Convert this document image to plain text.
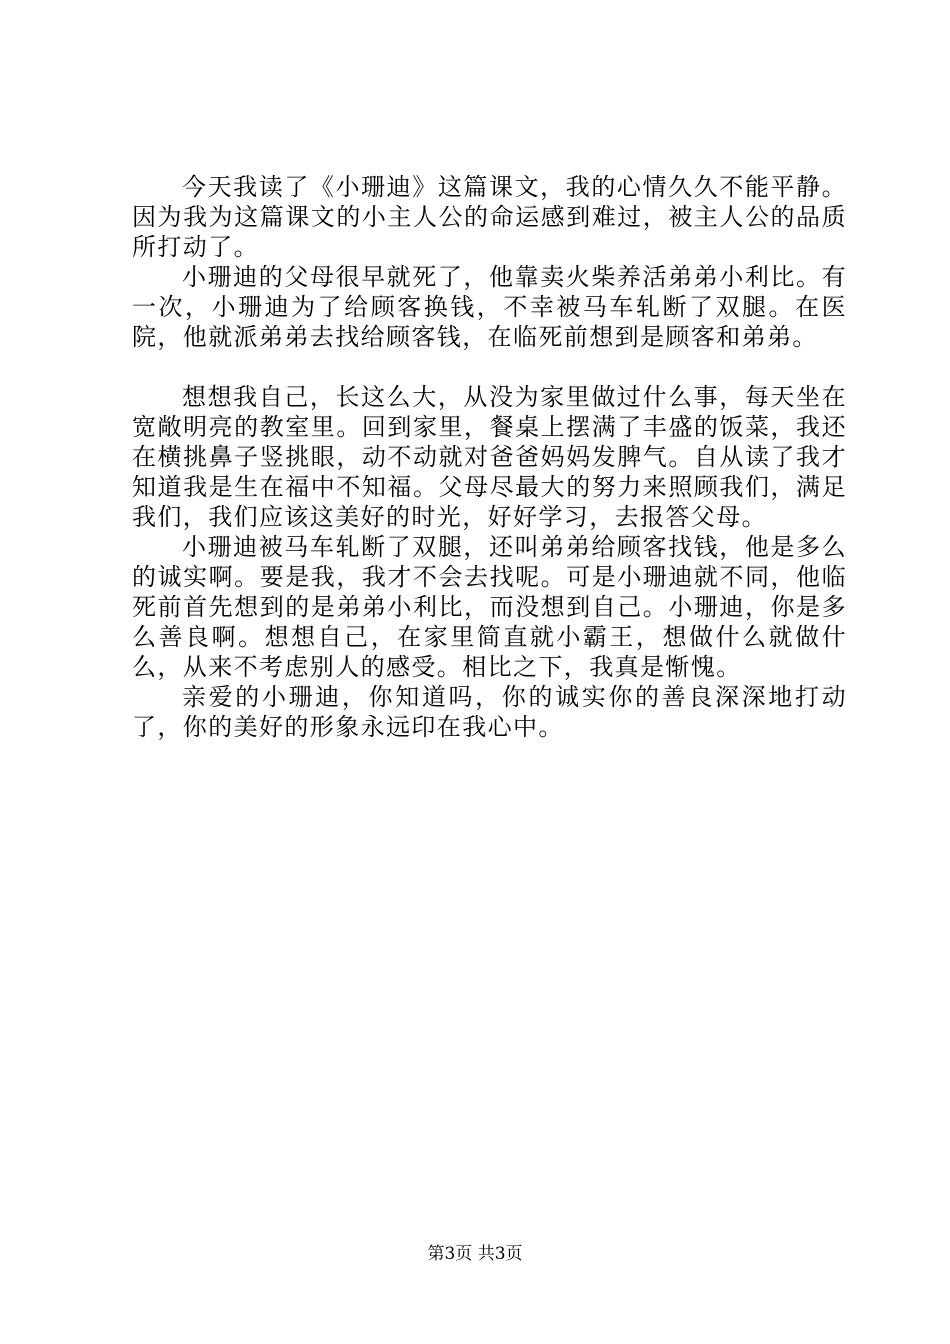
今天我读了《小珊迪》这篇课文，我的心情久久不能平静。因为我为这篇课文的小主人公的命运感到难过，被主人公的品质所打动了。

小珊迪的父母很早就死了，他靠卖火柴养活弟弟小利比。有一次，小珊迪为了给顾客换钱，不幸被马车轧断了双腿。在医院，他就派弟弟去找给顾客钱，在临死前想到是顾客和弟弟。

想想我自己，长这么大，从没为家里做过什么事，每天坐在宽敞明亮的教室里。回到家里，餐桌上摆满了丰盛的饭菜，我还在横挑鼻子竖挑眼，动不动就对爸爸妈妈发脾气。自从读了我才知道我是生在福中不知福。父母尽最大的努力来照顾我们，满足我们，我们应该这美好的时光，好好学习，去报答父母。

小珊迪被马车轧断了双腿，还叫弟弟给顾客找钱，他是多么的诚实啊。要是我，我才不会去找呢。可是小珊迪就不同，他临死前首先想到的是弟弟小利比，而没想到自己。小珊迪，你是多么善良啊。想想自己，在家里简直就小霸王，想做什么就做什么，从来不考虑别人的感受。相比之下，我真是惭愧。

亲爱的小珊迪，你知道吗，你的诚实你的善良深深地打动了，你的美好的形象永远印在我心中。

第3页 共3页
